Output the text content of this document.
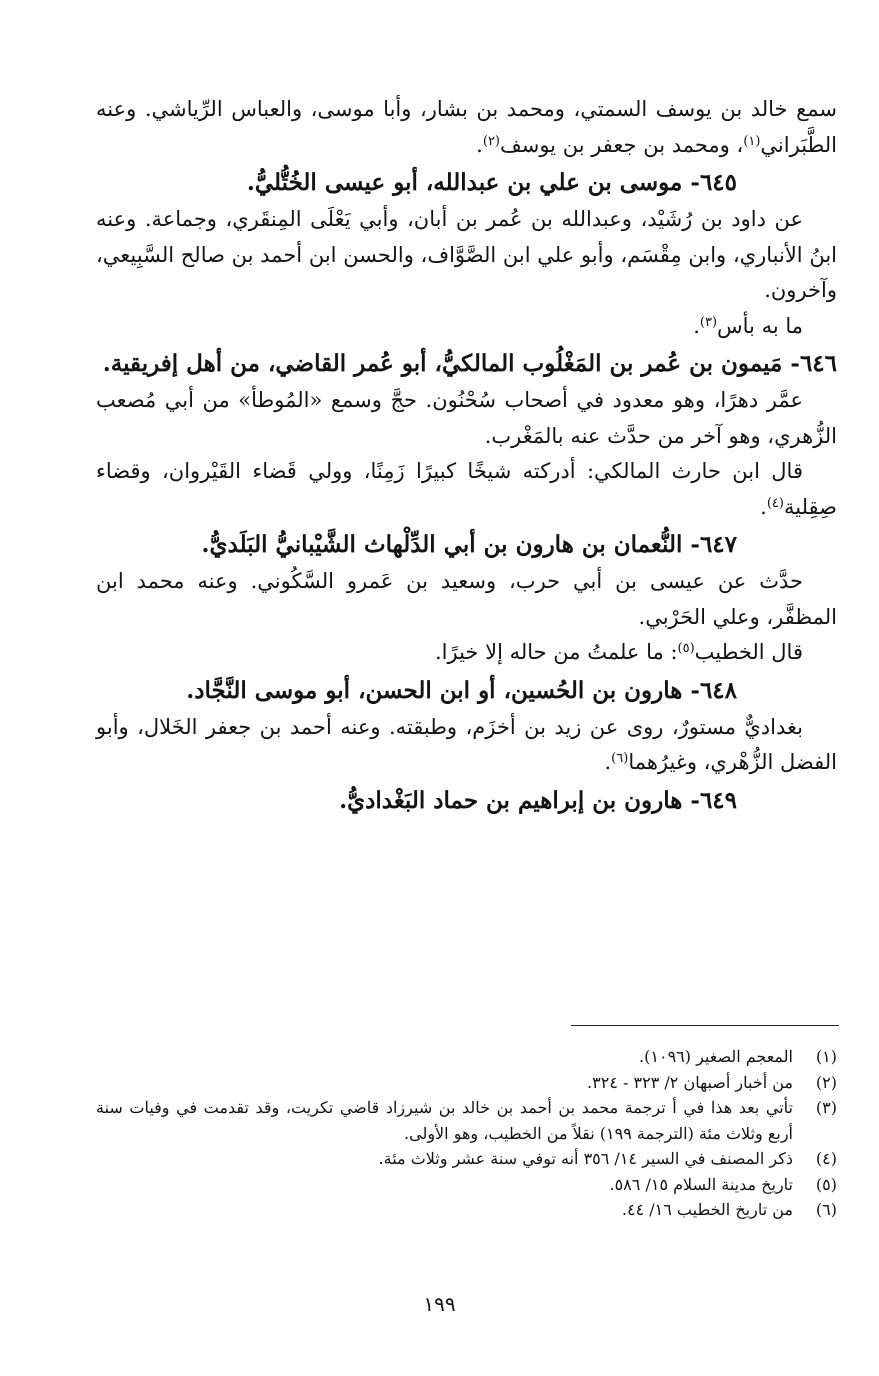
سمع خالد بن يوسف السمتي، ومحمد بن بشار، وأبا موسى، والعباس الرِّياشي. وعنه الطَّبَراني$^{(١)}$، ومحمد بن جعفر بن يوسف$^{(٢)}$.

٦٤٥- موسى بن علي بن عبدالله، أبو عيسى الخُتُّليُّ.

عن داود بن رُشَيْد، وعبدالله بن عُمر بن أبان، وأبي يَعْلَى المِنقَري، وجماعة. وعنه ابنُ الأنباري، وابن مِقْسَم، وأبو علي ابن الصَّوَّاف، والحسن ابن أحمد بن صالح السَّبِيعي، وآخرون.

ما به بأس$^{(٣)}$.

٦٤٦- مَيمون بن عُمر بن المَغْلُوب المالكيُّ، أبو عُمر القاضي، من أهل إفريقية.

عمَّر دهرًا، وهو معدود في أصحاب سُحْنُون. حجَّ وسمع «المُوطأ» من أبي مُصعب الزُّهري، وهو آخر من حدَّث عنه بالمَغْرب.

قال ابن حارث المالكي: أدركته شيخًا كبيرًا زَمِنًا، وولي قَضاء القَيْروان، وقضاء صِقِلية$^{(٤)}$.

٦٤٧- النُّعمان بن هارون بن أبي الدِّلْهاث الشَّيْبانيُّ البَلَديُّ.

حدَّث عن عيسى بن أبي حرب، وسعيد بن عَمرو السَّكُوني. وعنه محمد ابن المظفَّر، وعلي الحَرْبي.

قال الخطيب$^{(٥)}$: ما علمتُ من حاله إلا خيرًا.

٦٤٨- هارون بن الحُسين، أو ابن الحسن، أبو موسى النَّجَّاد.

بغداديٌّ مستورٌ، روى عن زيد بن أخزَم، وطبقته. وعنه أحمد بن جعفر الخَلال، وأبو الفضل الزُّهْري، وغيرُهما$^{(٦)}$.

٦٤٩- هارون بن إبراهيم بن حماد البَغْداديُّ.
(١)
المعجم الصغير (١٠٩٦).
(٢)
من أخبار أصبهان ٢/ ٣٢٣ - ٣٢٤.
(٣)
تأتي بعد هذا في أ ترجمة محمد بن أحمد بن خالد بن شيرزاد قاضي تكريت، وقد تقدمت في وفيات سنة أربع وثلاث مئة (الترجمة ١٩٩) نقلاً من الخطيب، وهو الأولى.
(٤)
ذكر المصنف في السير ١٤/ ٣٥٦ أنه توفي سنة عشر وثلاث مئة.
(٥)
تاريخ مدينة السلام ١٥/ ٥٨٦.
(٦)
من تاريخ الخطيب ١٦/ ٤٤.
١٩٩
